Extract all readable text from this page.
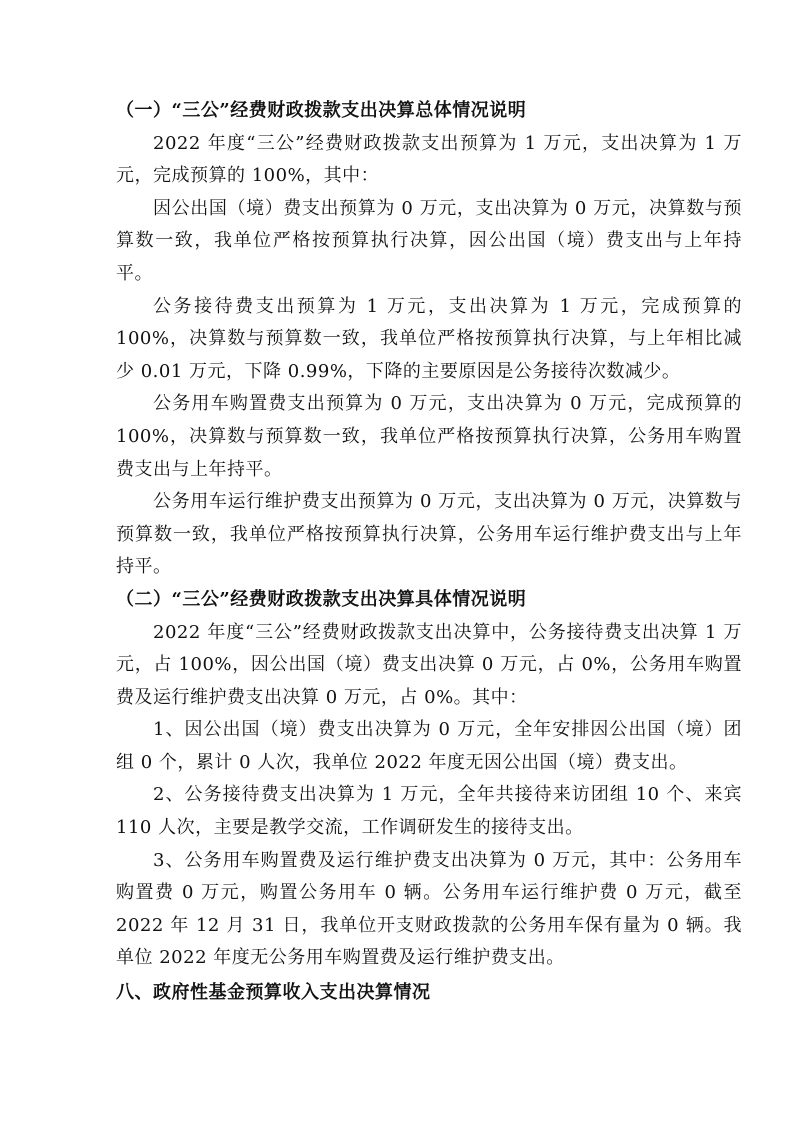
（一）“三公”经费财政拨款支出决算总体情况说明

2022 年度“三公”经费财政拨款支出预算为 1 万元，支出决算为 1 万元，完成预算的 100%，其中：

因公出国（境）费支出预算为 0 万元，支出决算为 0 万元，决算数与预算数一致，我单位严格按预算执行决算，因公出国（境）费支出与上年持平。

公务接待费支出预算为 1 万元，支出决算为 1 万元，完成预算的 100%，决算数与预算数一致，我单位严格按预算执行决算，与上年相比减少 0.01 万元，下降 0.99%，下降的主要原因是公务接待次数减少。

公务用车购置费支出预算为 0 万元，支出决算为 0 万元，完成预算的 100%，决算数与预算数一致，我单位严格按预算执行决算，公务用车购置费支出与上年持平。

公务用车运行维护费支出预算为 0 万元，支出决算为 0 万元，决算数与预算数一致，我单位严格按预算执行决算，公务用车运行维护费支出与上年持平。

（二）“三公”经费财政拨款支出决算具体情况说明

2022 年度“三公”经费财政拨款支出决算中，公务接待费支出决算 1 万元，占 100%，因公出国（境）费支出决算 0 万元，占 0%，公务用车购置费及运行维护费支出决算 0 万元，占 0%。其中：

1、因公出国（境）费支出决算为 0 万元，全年安排因公出国（境）团组 0 个，累计 0 人次，我单位 2022 年度无因公出国（境）费支出。

2、公务接待费支出决算为 1 万元，全年共接待来访团组 10 个、来宾 110 人次，主要是教学交流，工作调研发生的接待支出。

3、公务用车购置费及运行维护费支出决算为 0 万元，其中：公务用车购置费 0 万元，购置公务用车 0 辆。公务用车运行维护费 0 万元，截至 2022 年 12 月 31 日，我单位开支财政拨款的公务用车保有量为 0 辆。我单位 2022 年度无公务用车购置费及运行维护费支出。

八、政府性基金预算收入支出决算情况
